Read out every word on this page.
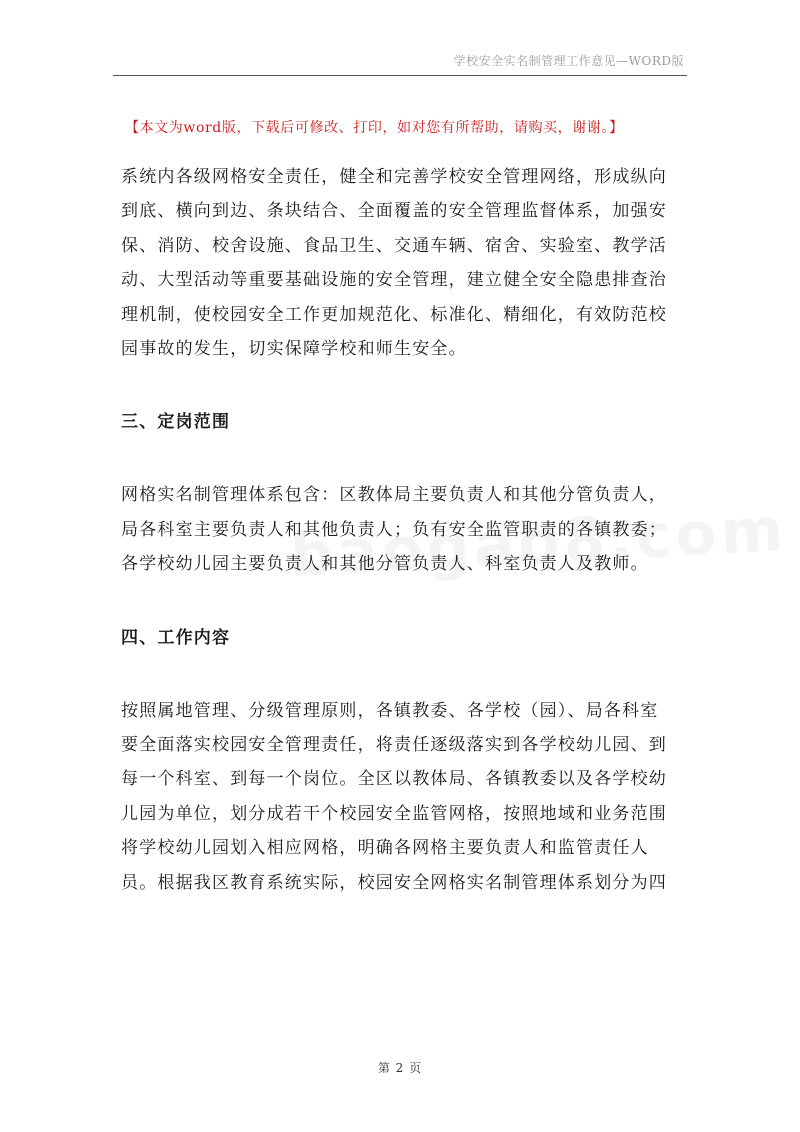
学校安全实名制管理工作意见—WORD版
【本文为word版，下载后可修改、打印，如对您有所帮助，请购买，谢谢。】

系统内各级网格安全责任，健全和完善学校安全管理网络，形成纵向
到底、横向到边、条块结合、全面覆盖的安全管理监督体系，加强安
保、消防、校舍设施、食品卫生、交通车辆、宿舍、实验室、教学活
动、大型活动等重要基础设施的安全管理，建立健全安全隐患排查治
理机制，使校园安全工作更加规范化、标准化、精细化，有效防范校
园事故的发生，切实保障学校和师生安全。

三、定岗范围

网格实名制管理体系包含：区教体局主要负责人和其他分管负责人，
局各科室主要负责人和其他负责人；负有安全监管职责的各镇教委；
各学校幼儿园主要负责人和其他分管负责人、科室负责人及教师。

四、工作内容

按照属地管理、分级管理原则，各镇教委、各学校（园）、局各科室
要全面落实校园安全管理责任，将责任逐级落实到各学校幼儿园、到
每一个科室、到每一个岗位。全区以教体局、各镇教委以及各学校幼
儿园为单位，划分成若干个校园安全监管网格，按照地域和业务范围
将学校幼儿园划入相应网格，明确各网格主要负责人和监管责任人
员。根据我区教育系统实际，校园安全网格实名制管理体系划分为四

第 2 页
